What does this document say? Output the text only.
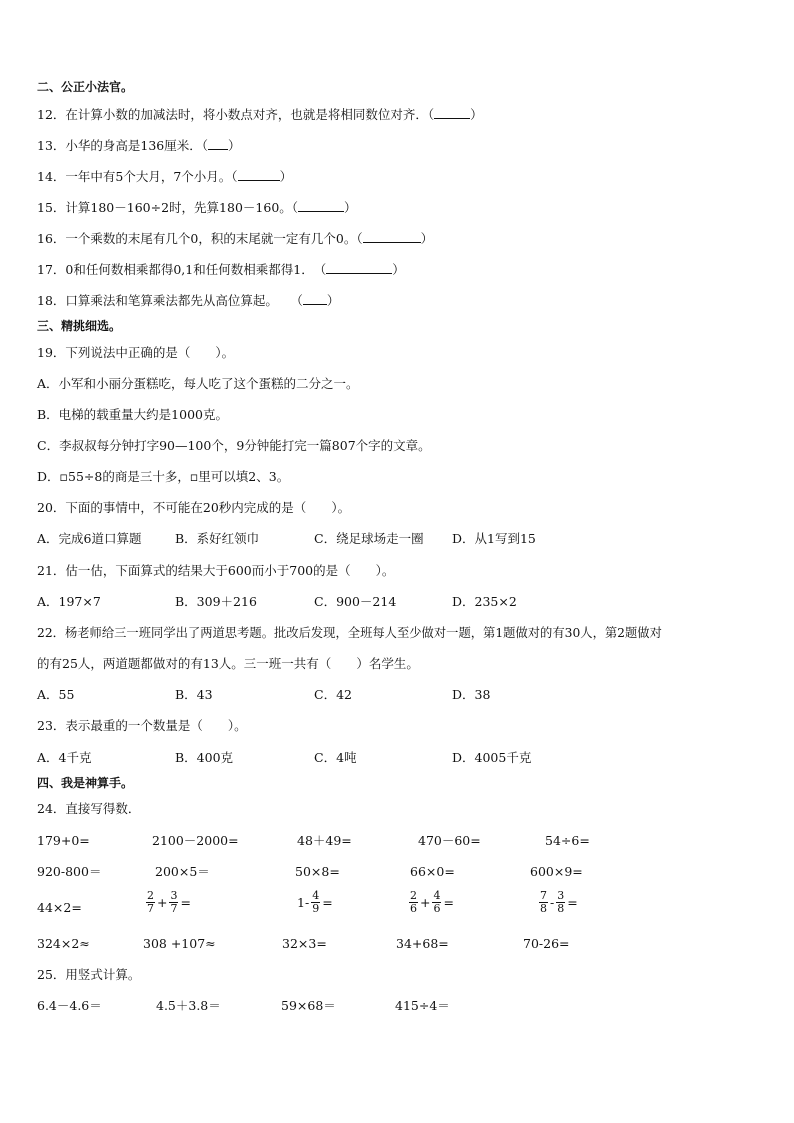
二、公正小法官。
12．在计算小数的加减法时，将小数点对齐，也就是将相同数位对齐．（	）
13．小华的身高是136厘米．（ ）
14．一年中有5个大月，7个小月。（	）
15．计算180－160÷2时，先算180－160。（	）
16．一个乘数的末尾有几个0，积的末尾就一定有几个0。（	）
17．0和任何数相乘都得0,1和任何数相乘都得1．　（	）
18．口算乘法和笔算乘法都先从高位算起。　　（ ）
三、精挑细选。
19．下列说法中正确的是（　　）。
A．小军和小丽分蛋糕吃，每人吃了这个蛋糕的二分之一。
B．电梯的载重量大约是1000克。
C．李叔叔每分钟打字90—100个，9分钟能打完一篇807个字的文章。
D．▫55÷8的商是三十多，▫里可以填2、3。
20．下面的事情中，不可能在20秒内完成的是（　　）。
A．完成6道口算题	B．系好红领巾	C．绕足球场走一圈 D．从1写到15
21．估一估，下面算式的结果大于600而小于700的是（　　）。
A．197×7	B．309＋216	C．900－214	D．235×2
22．杨老师给三一班同学出了两道思考题。批改后发现，全班每人至少做对一题，第1题做对的有30人，第2题做对
的有25人，两道题都做对的有13人。三一班一共有（　　）名学生。
A．55	B．43	C．42	D．38
23．表示最重的一个数量是（　　）。
A．4千克	B．400克	C．4吨	D．4005千克
四、我是神算手。
24．直接写得数．
179+0=	2100－2000=	48＋49=	470－60=	54÷6=
920-800＝	200×5＝	50×8=	66×0=	600×9=
44×2=	$\frac{2}{7} + \frac{3}{7}$ =	$1- \frac{4}{9}$ =	$\frac{2}{6} + \frac{4}{6}$ =	$\frac{7}{8} - \frac{3}{8}$ =
324×2≈	308 +107≈	32×3=	34+68=	70-26=
25．用竖式计算。
6.4－4.6＝	4.5＋3.8＝	59×68＝	415÷4＝
